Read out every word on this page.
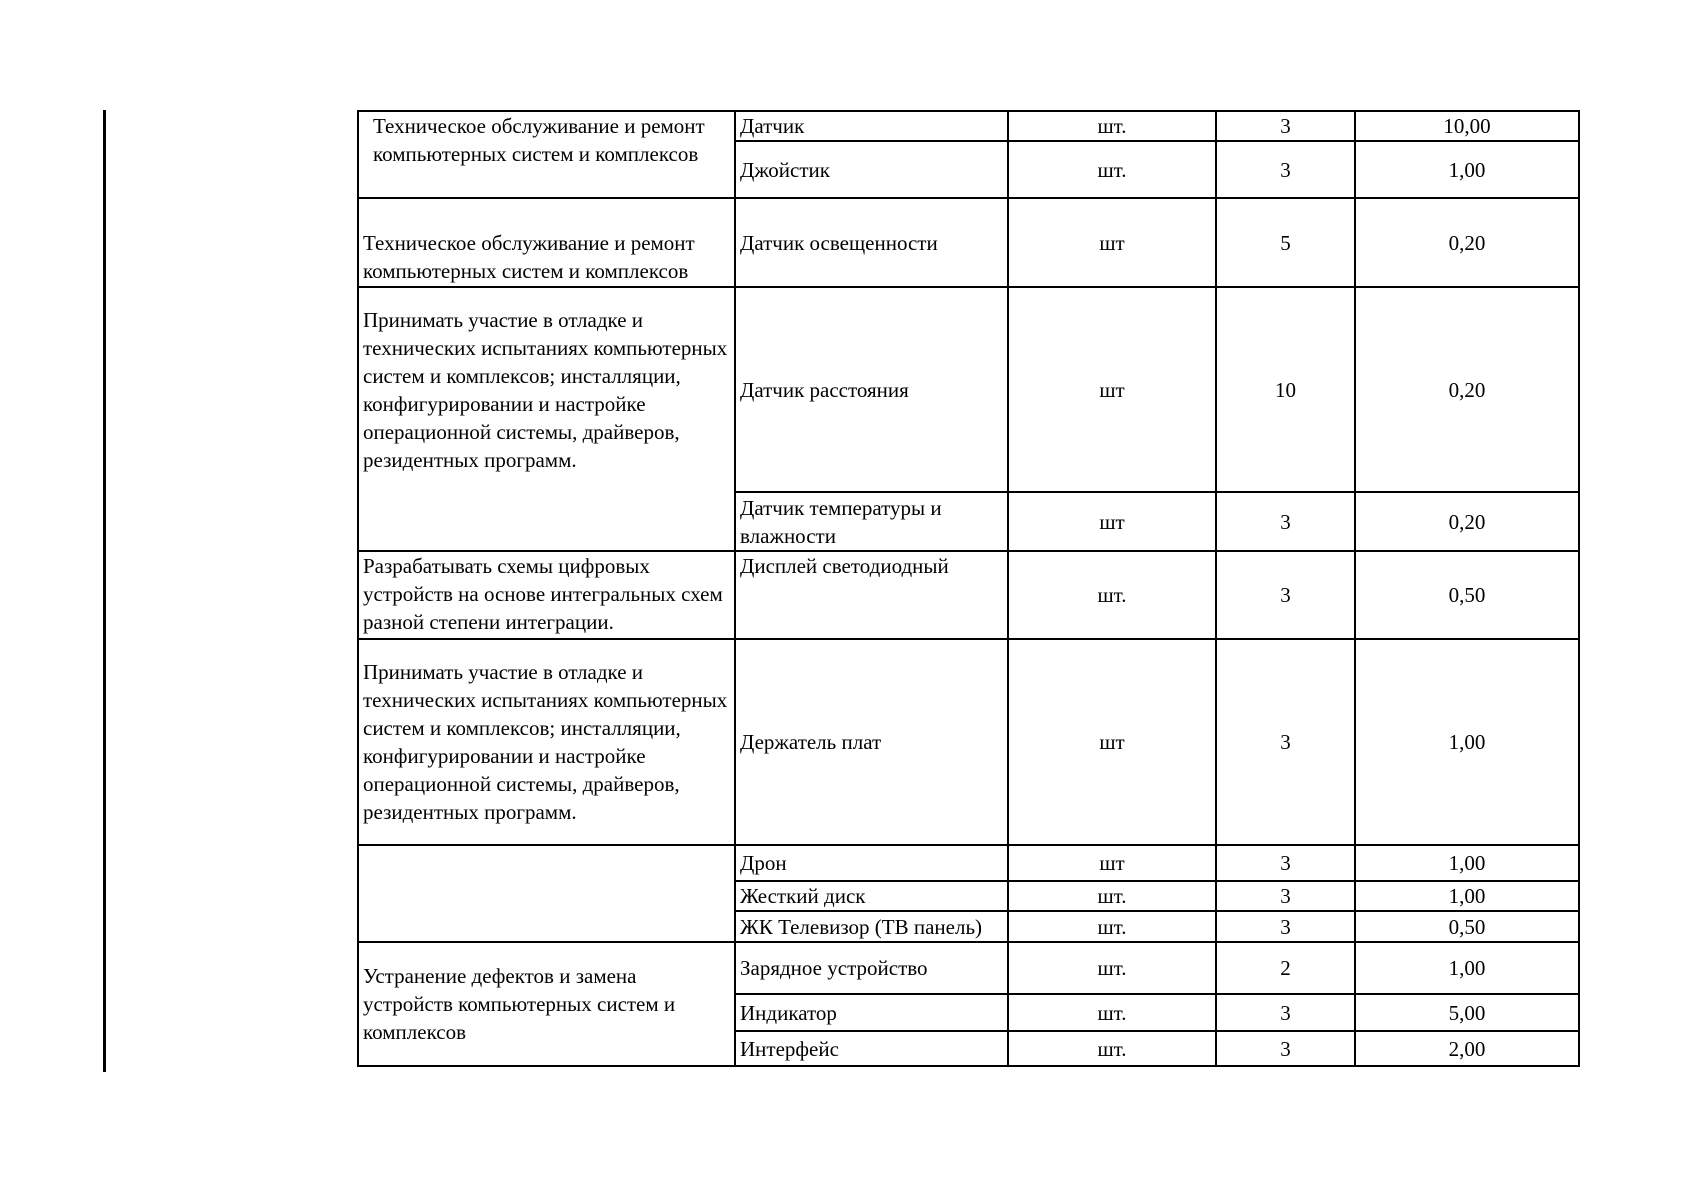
Техническое обслуживание и ремонт компьютерных систем и комплексов	Датчик	шт.	3	10,00
	Джойстик	шт.	3	1,00
Техническое обслуживание и ремонт компьютерных систем и комплексов	Датчик освещенности	шт	5	0,20
Принимать участие в отладке и технических испытаниях компьютерных систем и комплексов; инсталляции, конфигурировании и настройке операционной системы, драйверов, резидентных программ.	Датчик расстояния	шт	10	0,20
	Датчик температуры и влажности	шт	3	0,20
Разрабатывать схемы цифровых устройств на основе интегральных схем разной степени интеграции.	Дисплей светодиодный	шт.	3	0,50
Принимать участие в отладке и технических испытаниях компьютерных систем и комплексов; инсталляции, конфигурировании и настройке операционной системы, драйверов, резидентных программ.	Держатель плат	шт	3	1,00
	Дрон	шт	3	1,00
	Жесткий диск	шт.	3	1,00
	ЖК Телевизор (ТВ панель)	шт.	3	0,50
Устранение дефектов и замена устройств компьютерных систем и комплексов	Зарядное устройство	шт.	2	1,00
	Индикатор	шт.	3	5,00
	Интерфейс	шт.	3	2,00
